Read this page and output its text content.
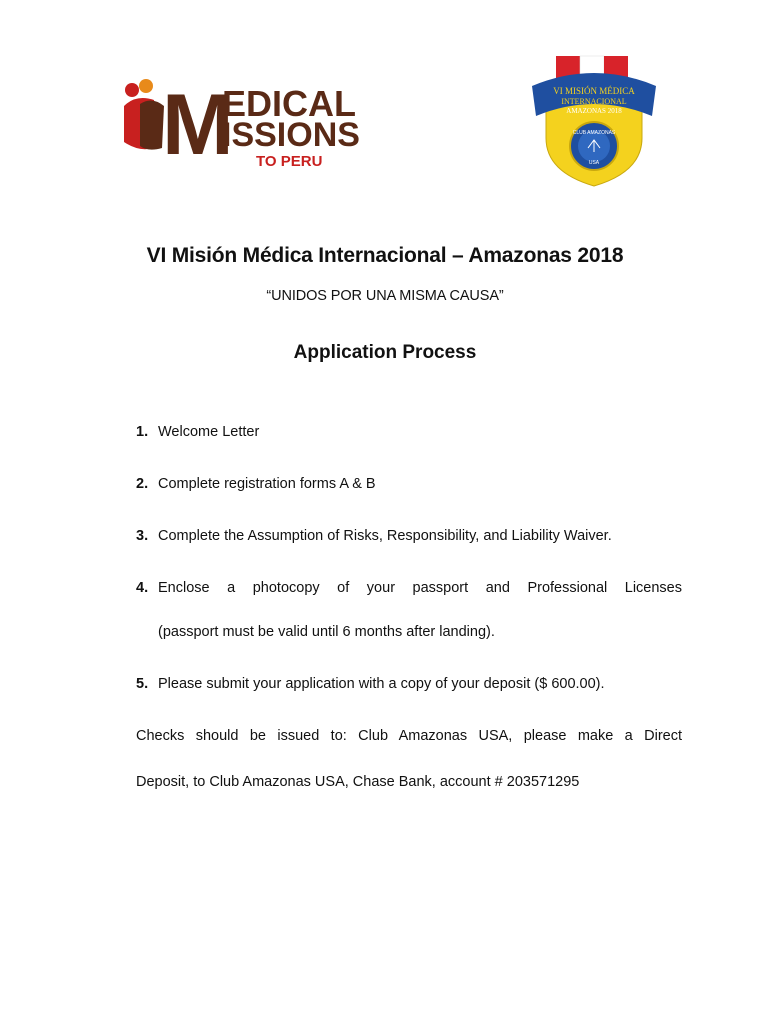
M
EDICAL
ISSIONS
TO PERU
VI MISIÓN MÉDICA
INTERNACIONAL
AMAZONAS 2018
CLUB AMAZONAS
USA
VI Misión Médica Internacional – Amazonas 2018
“UNIDOS POR UNA MISMA CAUSA”
Application Process
1. Welcome Letter
2. Complete registration forms A & B
3. Complete the Assumption of Risks, Responsibility, and Liability Waiver.
4. Enclose a photocopy of your passport and Professional Licenses
(passport must be valid until 6 months after landing).
5. Please submit your application with a copy of your deposit ($ 600.00).
Checks should be issued to: Club Amazonas USA, please make a Direct
Deposit, to Club Amazonas USA, Chase Bank, account # 203571295
